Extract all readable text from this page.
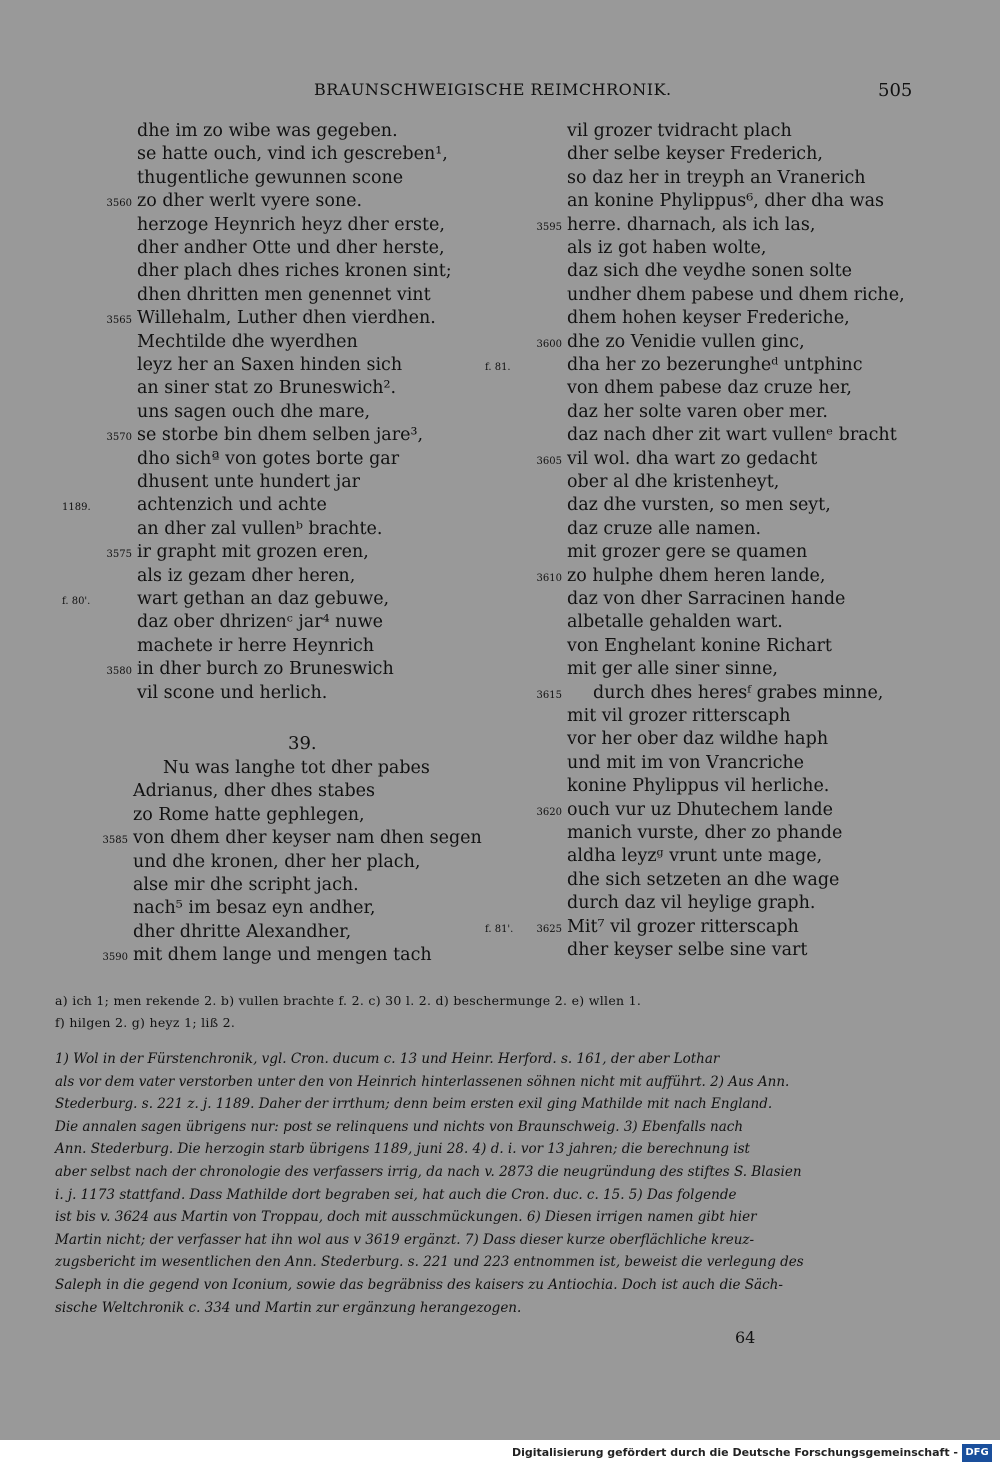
BRAUNSCHWEIGISCHE REIMCHRONIK.	505
dhe im zo wibe was gegeben.
se hatte ouch, vind ich gescreben¹,
thugentliche gewunnen scone
3560 zo dher werlt vyere sone.
herzoge Heynrich heyz dher erste,
dher andher Otte und dher herste,
dher plach dhes riches kronen sint;
dhen dhritten men genennet vint
3565 Willehalm, Luther dhen vierdhen.
Mechtilde dhe wyerdhen
leyz her an Saxen hinden sich
an siner stat zo Bruneswich².
uns sagen ouch dhe mare,
3570 se storbe bin dhem selben jare³,
dho sichª von gotes borte gar
dhusent unte hundert jar
1189.	achtenzich und achte
an dher zal vullenᵇ brachte.
3575 ir grapht mit grozen eren,
als iz gezam dher heren,
f. 80'.	wart gethan an daz gebuwe,
daz ober dhrizenᶜ jar⁴ nuwe
machete ir herre Heynrich
3580 in dher burch zo Bruneswich
vil scone und herlich.
39.
Nu was langhe tot dher pabes
Adrianus, dher dhes stabes
zo Rome hatte gephlegen,
3585 von dhem dher keyser nam dhen segen
und dhe kronen, dher her plach,
alse mir dhe scripht jach.
nach⁵ im besaz eyn andher,
dher dhritte Alexandher,
3590 mit dhem lange und mengen tach
vil grozer tvidracht plach
dher selbe keyser Frederich,
so daz her in treyph an Vranerich
an konine Phylippus⁶, dher dha was
3595 herre. dharnach, als ich las,
als iz got haben wolte,
daz sich dhe veydhe sonen solte
undher dhem pabese und dhem riche,
dhem hohen keyser Frederiche,
3600 dhe zo Venidie vullen ginc,
f. 81.	dha her zo bezerungheᵈ untphinc
von dhem pabese daz cruze her,
daz her solte varen ober mer.
daz nach dher zit wart vullenᵉ bracht
3605 vil wol. dha wart zo gedacht
ober al dhe kristenheyt,
daz dhe vursten, so men seyt,
daz cruze alle namen.
mit grozer gere se quamen
3610 zo hulphe dhem heren lande,
daz von dher Sarracinen hande
albetalle gehalden wart.
von Enghelant konine Richart
mit ger alle siner sinne,
3615 durch dhes heresᶠ grabes minne,
mit vil grozer ritterscaph
vor her ober daz wildhe haph
und mit im von Vrancriche
konine Phylippus vil herliche.
3620 ouch vur uz Dhutechem lande
manich vurste, dher zo phande
aldha leyzᵍ vrunt unte mage,
dhe sich setzeten an dhe wage
durch daz vil heylige graph.
f. 81'.	3625 Mit⁷ vil grozer ritterscaph
dher keyser selbe sine vart
a) ich 1; men rekende 2. b) vullen brachte f. 2. c) 30 l. 2. d) beschermunge 2. e) wllen 1.
f) hilgen 2. g) heyz 1; liß 2.
1) Wol in der Fürstenchronik, vgl. Cron. ducum c. 13 und Heinr. Herford. s. 161, der aber Lothar
als vor dem vater verstorben unter den von Heinrich hinterlassenen söhnen nicht mit aufführt. 2) Aus Ann.
Stederburg. s. 221 z. j. 1189. Daher der irrthum; denn beim ersten exil ging Mathilde mit nach England.
Die annalen sagen übrigens nur: post se relinquens und nichts von Braunschweig. 3) Ebenfalls nach
Ann. Stederburg. Die herzogin starb übrigens 1189, juni 28. 4) d. i. vor 13 jahren; die berechnung ist
aber selbst nach der chronologie des verfassers irrig, da nach v. 2873 die neugründung des stiftes S. Blasien
i. j. 1173 stattfand. Dass Mathilde dort begraben sei, hat auch die Cron. duc. c. 15. 5) Das folgende
ist bis v. 3624 aus Martin von Troppau, doch mit ausschmückungen. 6) Diesen irrigen namen gibt hier
Martin nicht; der verfasser hat ihn wol aus v 3619 ergänzt. 7) Dass dieser kurze oberflächliche kreuz-
zugsbericht im wesentlichen den Ann. Stederburg. s. 221 und 223 entnommen ist, beweist die verlegung des
Saleph in die gegend von Iconium, sowie das begräbniss des kaisers zu Antiochia. Doch ist auch die Säch-
sische Weltchronik c. 334 und Martin zur ergänzung herangezogen.
64
Digitalisierung gefördert durch die Deutsche Forschungsgemeinschaft - DFG
